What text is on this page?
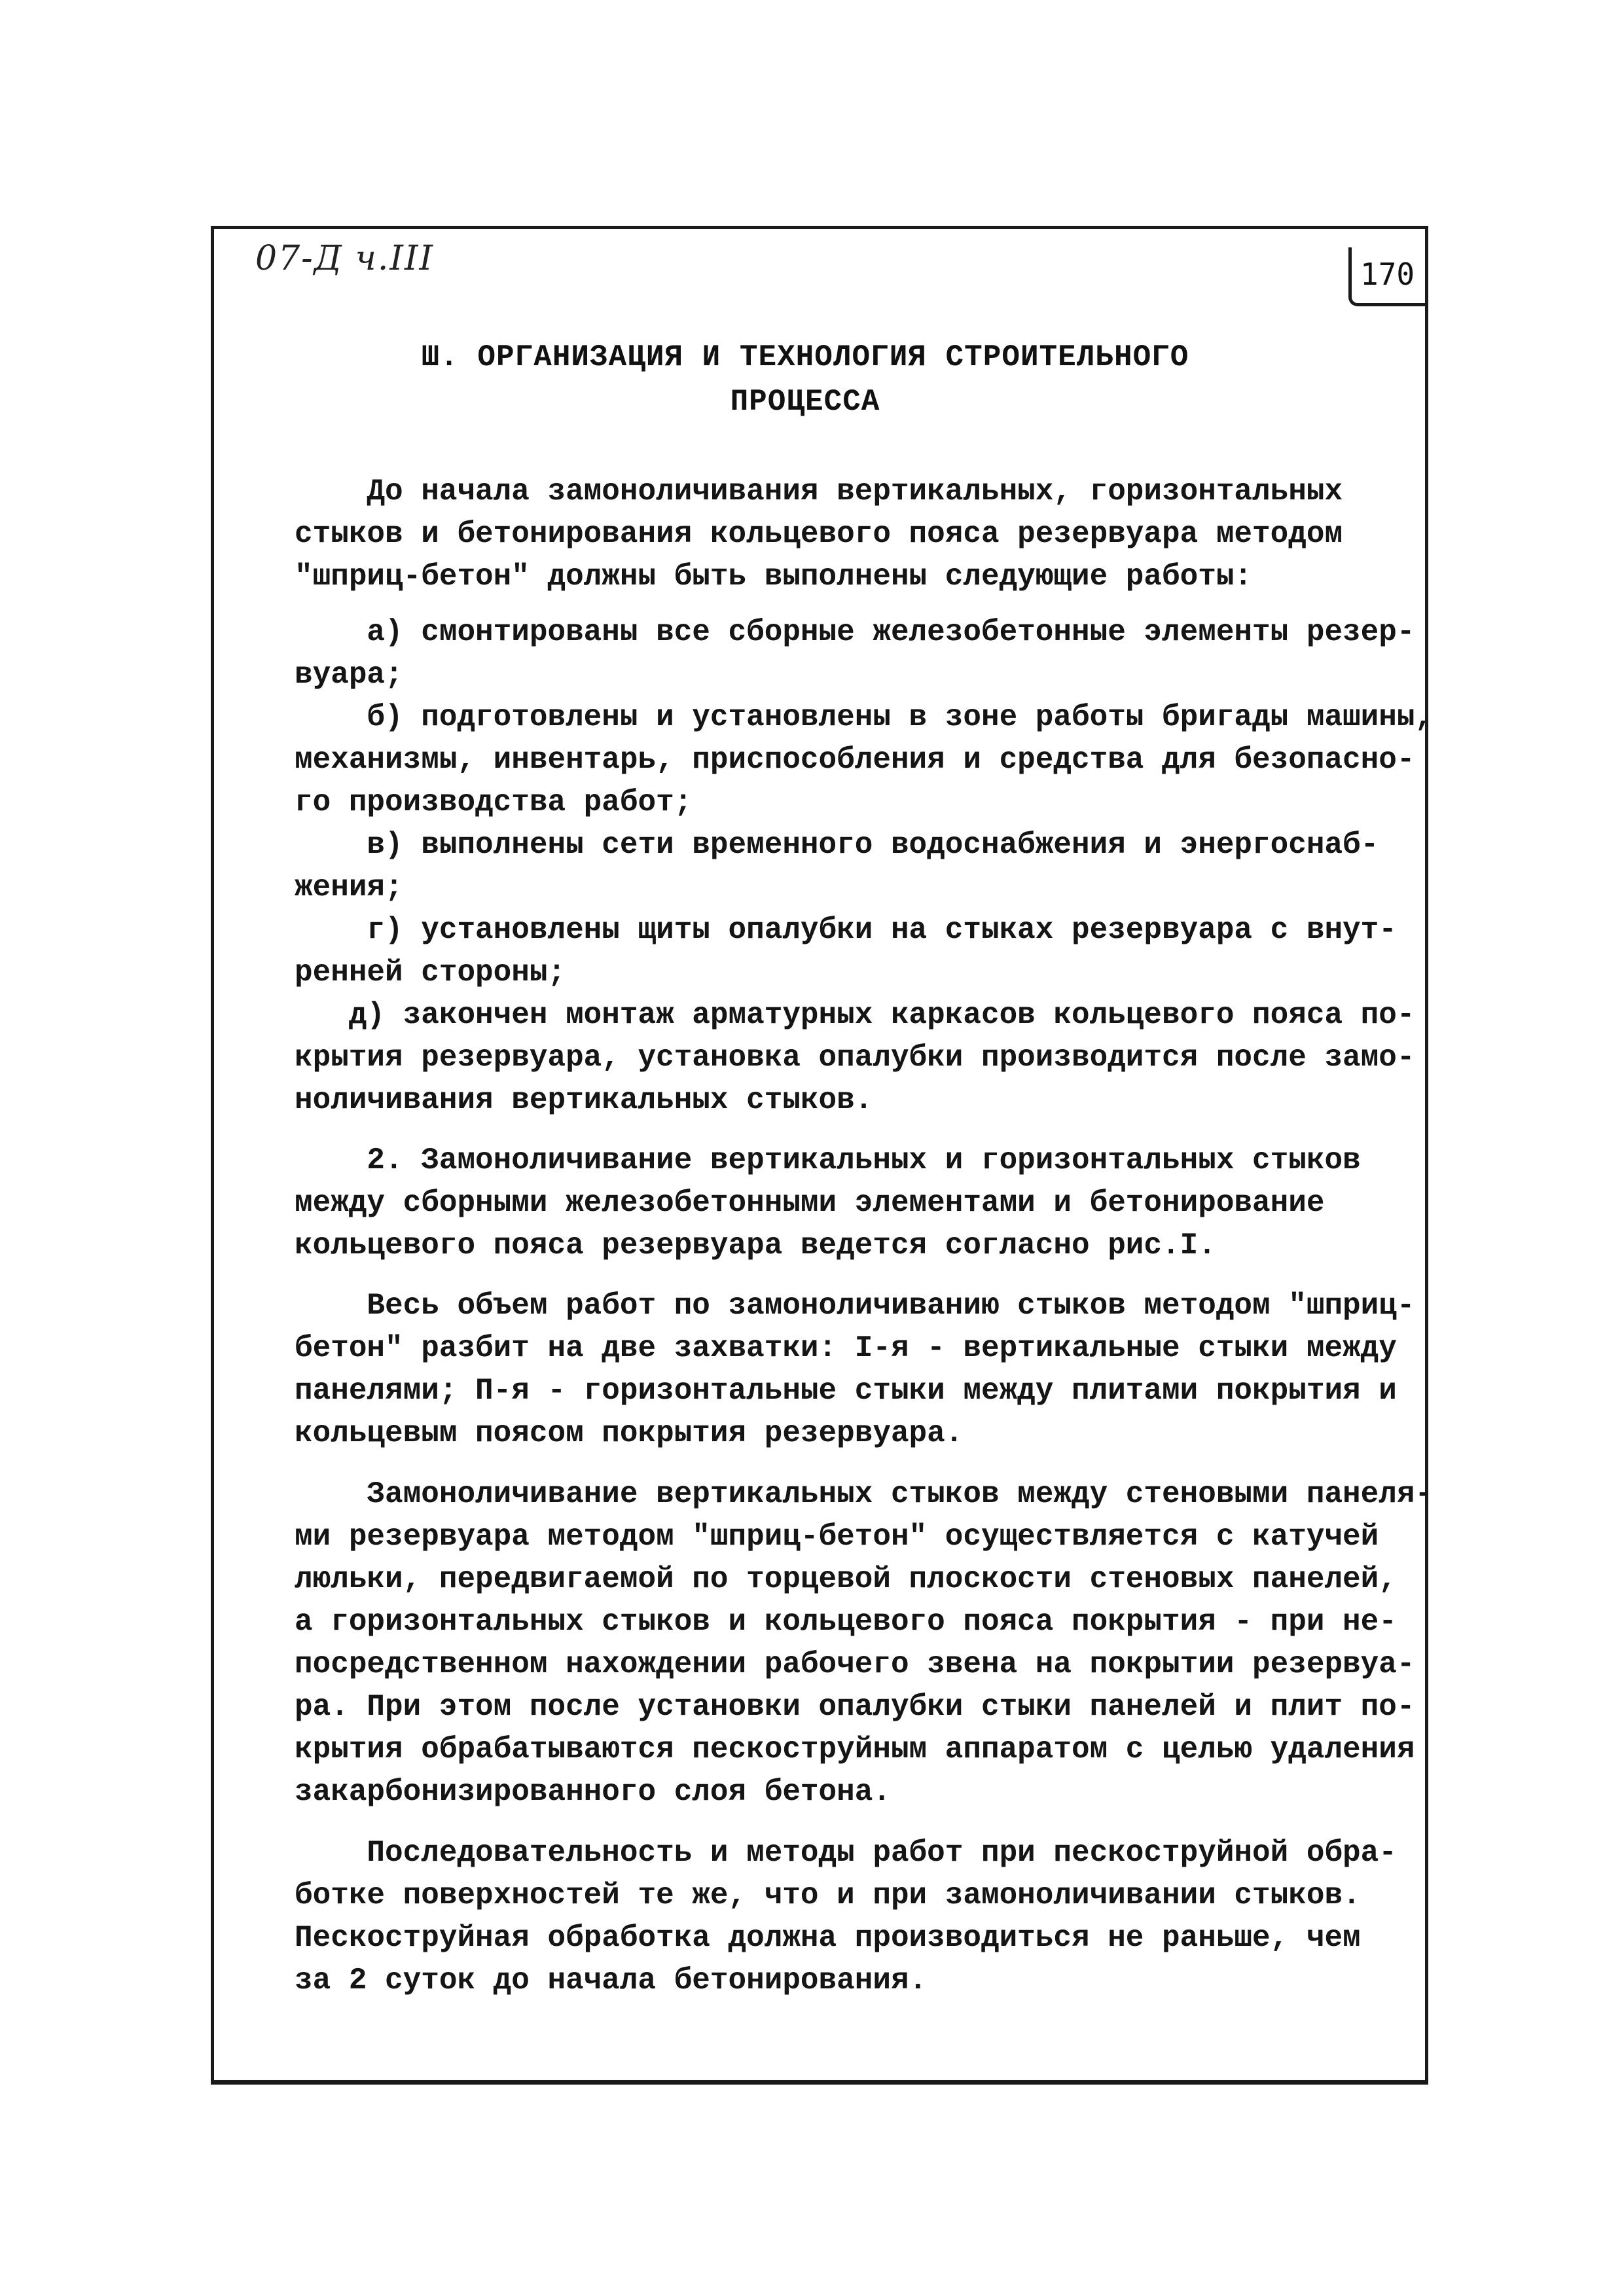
07-Д ч.III	170
Ш. ОРГАНИЗАЦИЯ И ТЕХНОЛОГИЯ СТРОИТЕЛЬНОГО
ПРОЦЕССА
До начала замоноличивания вертикальных, горизонтальных
стыков и бетонирования кольцевого пояса резервуара методом
"шприц-бетон" должны быть выполнены следующие работы:
а) смонтированы все сборные железобетонные элементы резер-
вуара;
б) подготовлены и установлены в зоне работы бригады машины,
механизмы, инвентарь, приспособления и средства для безопасно-
го производства работ;
в) выполнены сети временного водоснабжения и энергоснаб-
жения;
г) установлены щиты опалубки на стыках резервуара с внут-
ренней стороны;
д) закончен монтаж арматурных каркасов кольцевого пояса по-
крытия резервуара, установка опалубки производится после замо-
ноличивания вертикальных стыков.
2. Замоноличивание вертикальных и горизонтальных стыков
между сборными железобетонными элементами и бетонирование
кольцевого пояса резервуара ведется согласно рис.I.
Весь объем работ по замоноличиванию стыков методом "шприц-
бетон" разбит на две захватки: I-я - вертикальные стыки между
панелями; П-я - горизонтальные стыки между плитами покрытия и
кольцевым поясом покрытия резервуара.
Замоноличивание вертикальных стыков между стеновыми панеля-
ми резервуара методом "шприц-бетон" осуществляется с катучей
люльки, передвигаемой по торцевой плоскости стеновых панелей,
а горизонтальных стыков и кольцевого пояса покрытия - при не-
посредственном нахождении рабочего звена на покрытии резервуа-
ра. При этом после установки опалубки стыки панелей и плит по-
крытия обрабатываются пескоструйным аппаратом с целью удаления
закарбонизированного слоя бетона.
Последовательность и методы работ при пескоструйной обра-
ботке поверхностей те же, что и при замоноличивании стыков.
Пескоструйная обработка должна производиться не раньше, чем
за 2 суток до начала бетонирования.
